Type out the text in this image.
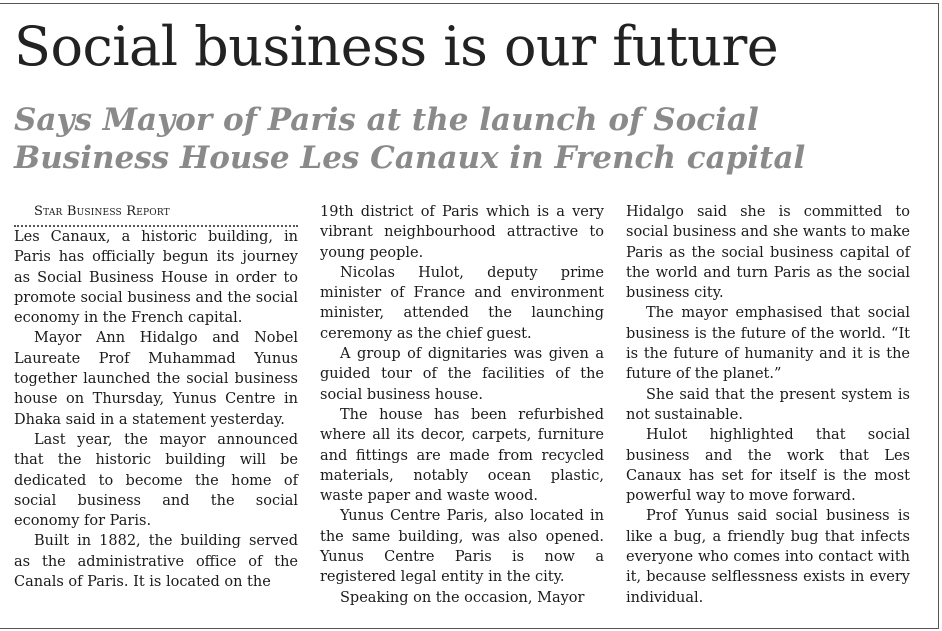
Social business is our future
Says Mayor of Paris at the launch of Social
Business House Les Canaux in French capital

Star Business Report

Les Canaux, a historic building, in Paris has officially begun its journey as Social Business House in order to promote social business and the social economy in the French capital.

Mayor Ann Hidalgo and Nobel Laureate Prof Muhammad Yunus together launched the social business house on Thursday, Yunus Centre in Dhaka said in a statement yesterday.

Last year, the mayor announced that the historic building will be dedicated to become the home of social business and the social economy for Paris.

Built in 1882, the building served as the administrative office of the Canals of Paris. It is located on the

19th district of Paris which is a very vibrant neighbourhood attractive to young people.

Nicolas Hulot, deputy prime minister of France and environment minister, attended the launching ceremony as the chief guest.

A group of dignitaries was given a guided tour of the facilities of the social business house.

The house has been refurbished where all its decor, carpets, furniture and fittings are made from recycled materials, notably ocean plastic, waste paper and waste wood.

Yunus Centre Paris, also located in the same building, was also opened. Yunus Centre Paris is now a registered legal entity in the city.

Speaking on the occasion, Mayor

Hidalgo said she is committed to social business and she wants to make Paris as the social business capital of the world and turn Paris as the social business city.

The mayor emphasised that social business is the future of the world. “It is the future of humanity and it is the future of the planet.”

She said that the present system is not sustainable.

Hulot highlighted that social business and the work that Les Canaux has set for itself is the most powerful way to move forward.

Prof Yunus said social business is like a bug, a friendly bug that infects everyone who comes into contact with it, because selflessness exists in every individual.
